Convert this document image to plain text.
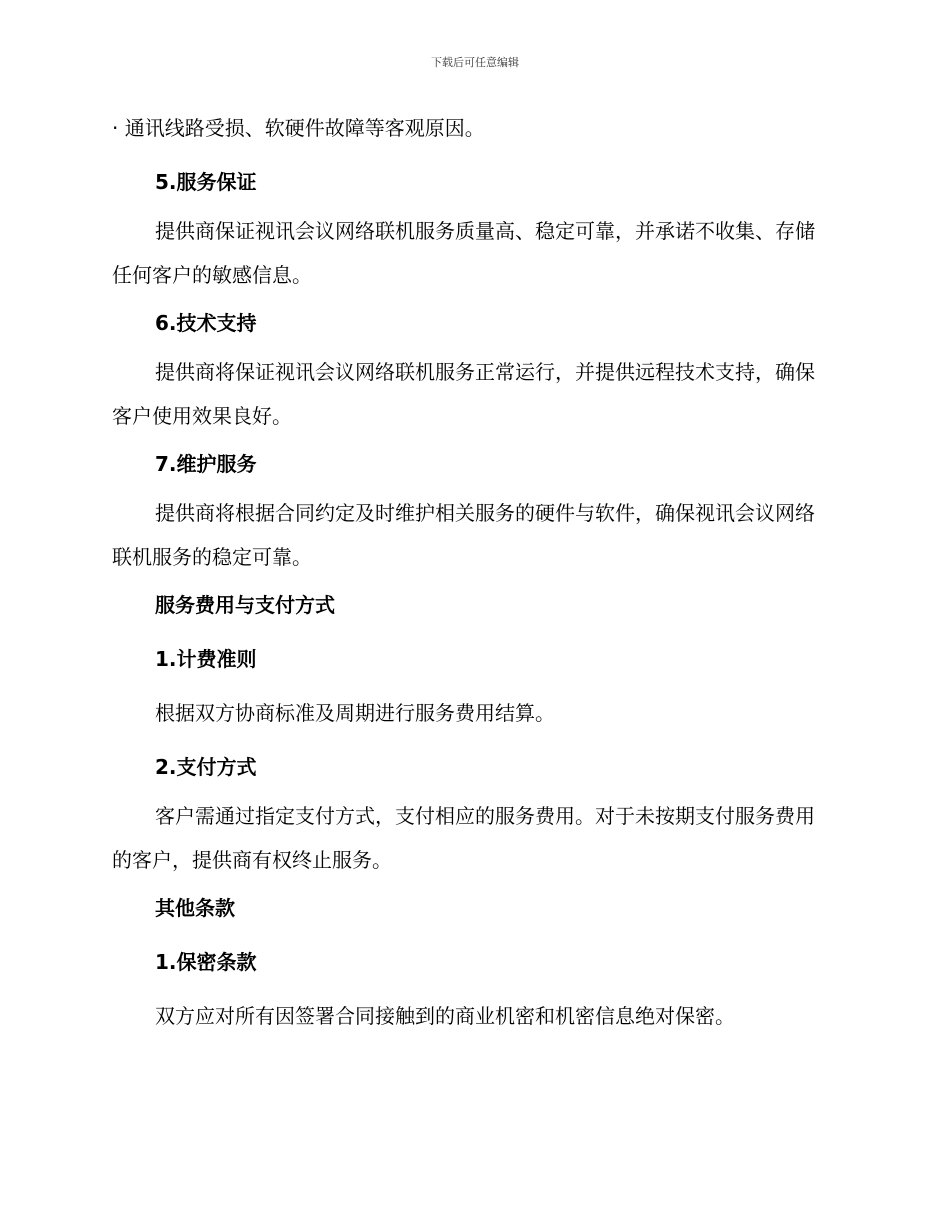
下载后可任意编辑

· 通讯线路受损、软硬件故障等客观原因。

5.服务保证

提供商保证视讯会议网络联机服务质量高、稳定可靠，并承诺不收集、存储任何客户的敏感信息。

6.技术支持

提供商将保证视讯会议网络联机服务正常运行，并提供远程技术支持，确保客户使用效果良好。

7.维护服务

提供商将根据合同约定及时维护相关服务的硬件与软件，确保视讯会议网络联机服务的稳定可靠。

服务费用与支付方式

1.计费准则

根据双方协商标准及周期进行服务费用结算。

2.支付方式

客户需通过指定支付方式，支付相应的服务费用。对于未按期支付服务费用的客户，提供商有权终止服务。

其他条款

1.保密条款

双方应对所有因签署合同接触到的商业机密和机密信息绝对保密。
